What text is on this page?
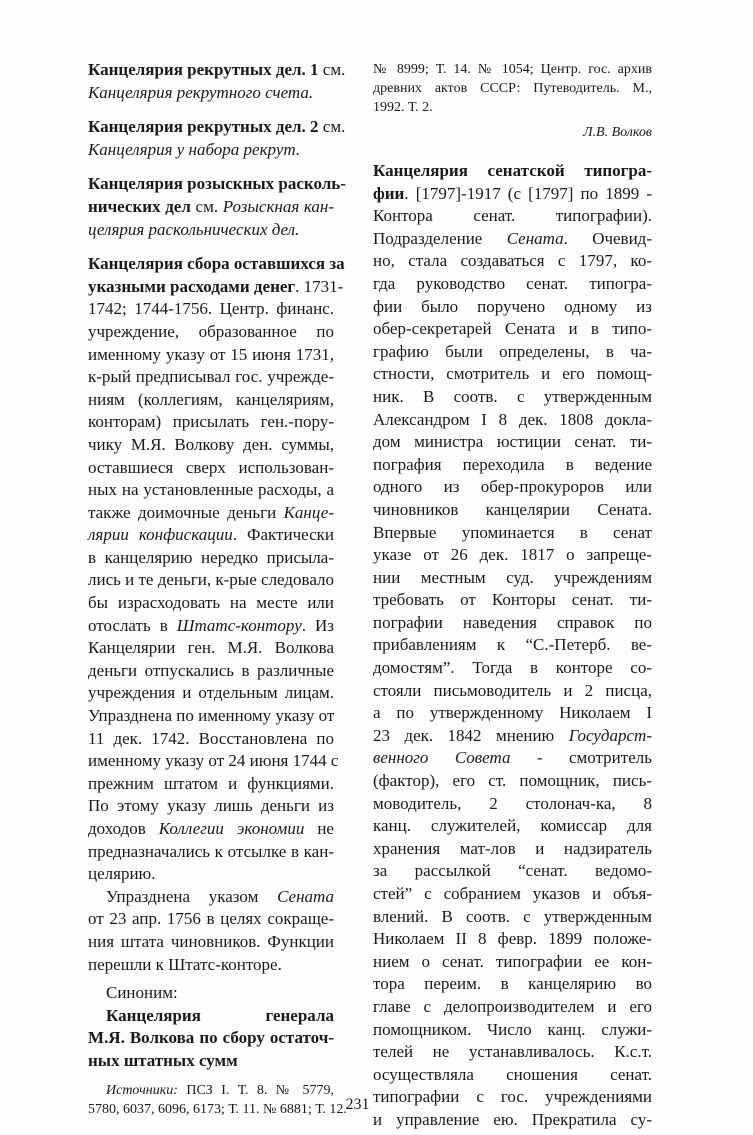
Канцелярия рекрутных дел. 1 см.
Канцелярия рекрутного счета.
Канцелярия рекрутных дел. 2 см.
Канцелярия у набора рекрут.
Канцелярия розыскных расколь-
нических дел см. Розыскная кан-
целярия раскольнических дел.
Канцелярия сбора оставшихся за
указными расходами денег. 1731-
1742; 1744-1756. Центр. финанс.
учреждение, образованное по
именному указу от 15 июня 1731,
к-рый предписывал гос. учрежде-
ниям (коллегиям, канцеляриям,
конторам) присылать ген.-пору-
чику М.Я. Волкову ден. суммы,
оставшиеся сверх использован-
ных на установленные расходы, а
также доимочные деньги Канце-
лярии конфискации. Фактически
в канцелярию нередко присыла-
лись и те деньги, к-рые следовало
бы израсходовать на месте или
отослать в Штатс-контору. Из
Канцелярии ген. М.Я. Волкова
деньги отпускались в различные
учреждения и отдельным лицам.
Упразднена по именному указу от
11 дек. 1742. Восстановлена по
именному указу от 24 июня 1744 с
прежним штатом и функциями.
По этому указу лишь деньги из
доходов Коллегии экономии не
предназначались к отсылке в кан-
целярию.
Упразднена указом Сената
от 23 апр. 1756 в целях сокраще-
ния штата чиновников. Функции
перешли к Штатс-конторе.
Синоним:
Канцелярия генерала
М.Я. Волкова по сбору остаточ-
ных штатных сумм
Источники: ПСЗ I. Т. 8. № 5779,
5780, 6037, 6096, 6173; Т. 11. № 6881; Т. 12.
№ 8999; Т. 14. № 1054; Центр. гос. архив
древних актов СССР: Путеводитель. М.,
1992. Т. 2.
Л.В. Волков
Канцелярия сенатской типогра-
фии. [1797]-1917 (с [1797] по 1899 -
Контора сенат. типографии).
Подразделение Сената. Очевид-
но, стала создаваться с 1797, ко-
гда руководство сенат. типогра-
фии было поручено одному из
обер-секретарей Сената и в типо-
графию были определены, в ча-
стности, смотритель и его помощ-
ник. В соотв. с утвержденным
Александром I 8 дек. 1808 докла-
дом министра юстиции сенат. ти-
пография переходила в ведение
одного из обер-прокуроров или
чиновников канцелярии Сената.
Впервые упоминается в сенат
указе от 26 дек. 1817 о запреще-
нии местным суд. учреждениям
требовать от Конторы сенат. ти-
пографии наведения справок по
прибавлениям к “С.-Петерб. ве-
домостям”. Тогда в конторе со-
стояли письмоводитель и 2 писца,
а по утвержденному Николаем I
23 дек. 1842 мнению Государст-
венного Совета - смотритель
(фактор), его ст. помощник, пись-
моводитель, 2 столонач-ка, 8
канц. служителей, комиссар для
хранения мат-лов и надзиратель
за рассылкой “сенат. ведомо-
стей” с собранием указов и объя-
влений. В соотв. с утвержденным
Николаем II 8 февр. 1899 положе-
нием о сенат. типографии ее кон-
тора переим. в канцелярию во
главе с делопроизводителем и его
помощником. Число канц. служи-
телей не устанавливалось. К.с.т.
осуществляла сношения сенат.
типографии с гос. учреждениями
и управление ею. Прекратила су-
231
